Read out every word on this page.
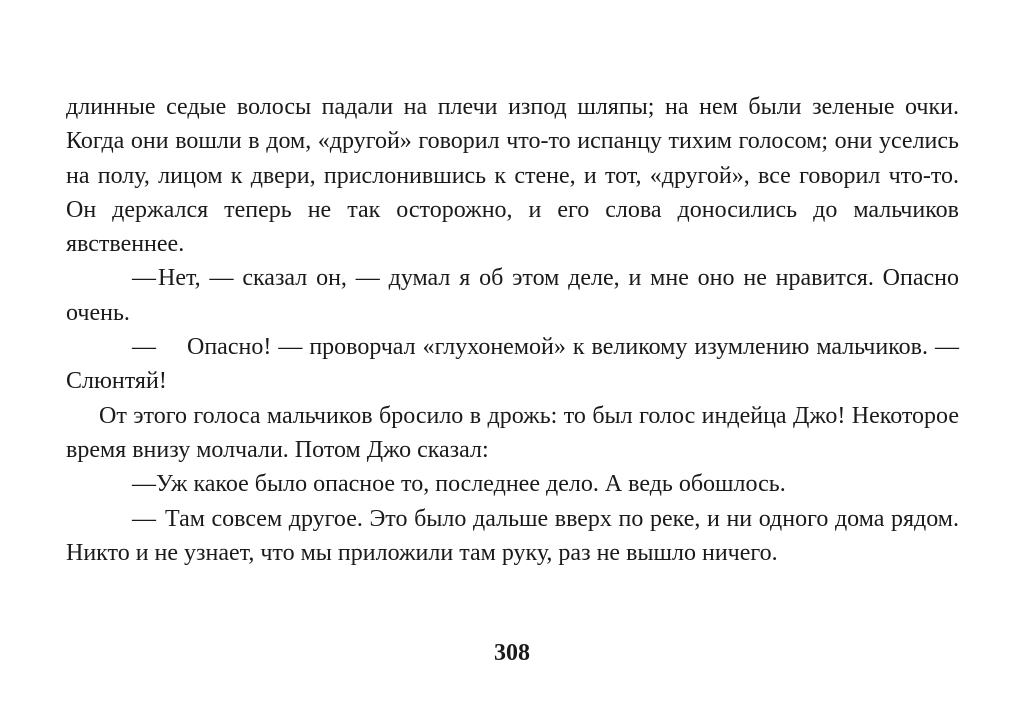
длинные седые волосы падали на плечи изпод шляпы; на нем были зеленые очки. Когда они вошли в дом, «другой» говорил что-то испанцу тихим голосом; они уселись на полу, лицом к двери, прислонившись к стене, и тот, «другой», все говорил что-то. Он держался теперь не так осторожно, и его слова доносились до мальчиков явственнее.

—Нет, — сказал он, — думал я об этом деле, и мне оно не нравится. Опасно очень.

— Опасно! — проворчал «глухонемой» к великому изумлению мальчиков. — Слюнтяй!

От этого голоса мальчиков бросило в дрожь: то был голос индейца Джо! Некоторое время внизу молчали. Потом Джо сказал:

—Уж какое было опасное то, последнее дело. А ведь обошлось.

— Там совсем другое. Это было дальше вверх по реке, и ни одного дома рядом. Никто и не узнает, что мы приложили там руку, раз не вышло ничего.

308
